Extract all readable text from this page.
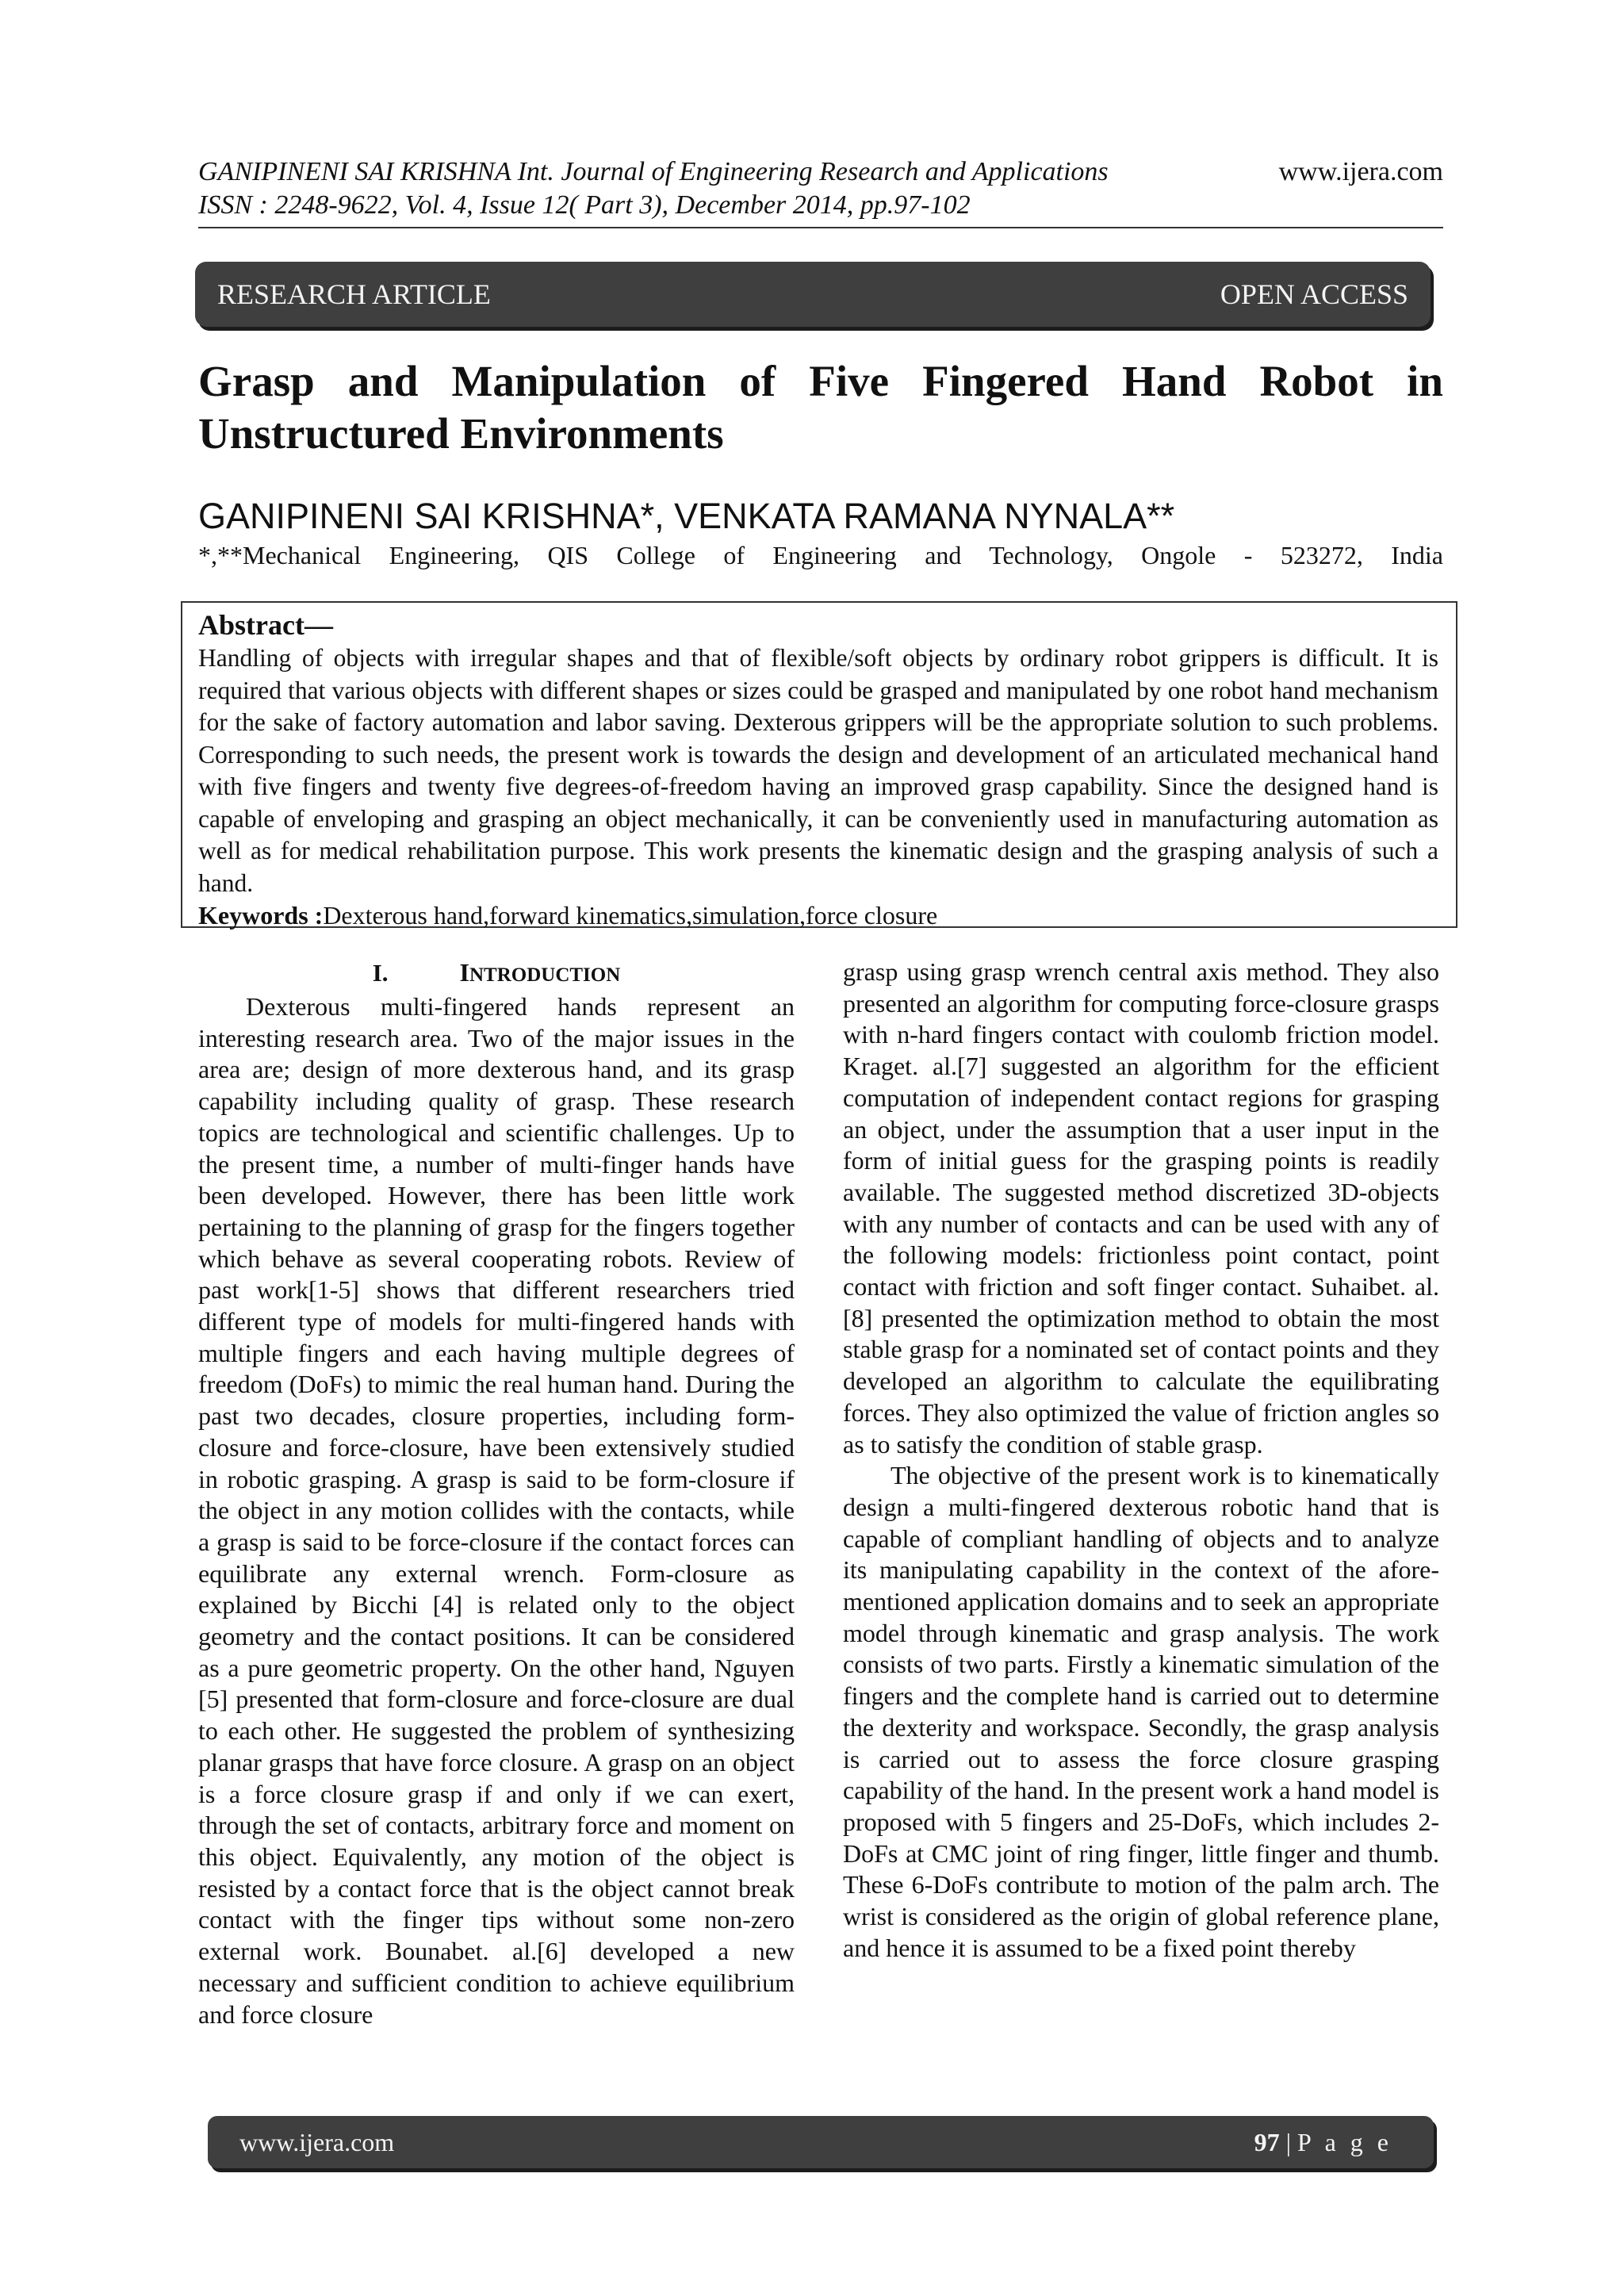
GANIPINENI SAI KRISHNA Int. Journal of Engineering Research and Applications	www.ijera.com
ISSN : 2248-9622, Vol. 4, Issue 12( Part 3), December 2014, pp.97-102
RESEARCH ARTICLE	OPEN ACCESS
Grasp and Manipulation of Five Fingered Hand Robot in Unstructured Environments
GANIPINENI SAI KRISHNA*, VENKATA RAMANA NYNALA**
*,**Mechanical Engineering, QIS College of Engineering and Technology, Ongole - 523272, India
Abstract—
Handling of objects with irregular shapes and that of flexible/soft objects by ordinary robot grippers is difficult. It is required that various objects with different shapes or sizes could be grasped and manipulated by one robot hand mechanism for the sake of factory automation and labor saving. Dexterous grippers will be the appropriate solution to such problems. Corresponding to such needs, the present work is towards the design and development of an articulated mechanical hand with five fingers and twenty five degrees-of-freedom having an improved grasp capability. Since the designed hand is capable of enveloping and grasping an object mechanically, it can be conveniently used in manufacturing automation as well as for medical rehabilitation purpose. This work presents the kinematic design and the grasping analysis of such a hand.
Keywords :Dexterous hand,forward kinematics,simulation,force closure
I.	INTRODUCTION

Dexterous multi-fingered hands represent an interesting research area. Two of the major issues in the area are; design of more dexterous hand, and its grasp capability including quality of grasp. These research topics are technological and scientific challenges. Up to the present time, a number of multi-finger hands have been developed. However, there has been little work pertaining to the planning of grasp for the fingers together which behave as several cooperating robots. Review of past work[1-5] shows that different researchers tried different type of models for multi-fingered hands with multiple fingers and each having multiple degrees of freedom (DoFs) to mimic the real human hand. During the past two decades, closure properties, including form-closure and force-closure, have been extensively studied in robotic grasping. A grasp is said to be form-closure if the object in any motion collides with the contacts, while a grasp is said to be force-closure if the contact forces can equilibrate any external wrench. Form-closure as explained by Bicchi [4] is related only to the object geometry and the contact positions. It can be considered as a pure geometric property. On the other hand, Nguyen [5] presented that form-closure and force-closure are dual to each other. He suggested the problem of synthesizing planar grasps that have force closure. A grasp on an object is a force closure grasp if and only if we can exert, through the set of contacts, arbitrary force and moment on this object. Equivalently, any motion of the object is resisted by a contact force that is the object cannot break contact with the finger tips without some non-zero external work. Bounabet. al.[6] developed a new necessary and sufficient condition to achieve equilibrium and force closure

grasp using grasp wrench central axis method. They also presented an algorithm for computing force-closure grasps with n-hard fingers contact with coulomb friction model. Kraget. al.[7] suggested an algorithm for the efficient computation of independent contact regions for grasping an object, under the assumption that a user input in the form of initial guess for the grasping points is readily available. The suggested method discretized 3D-objects with any number of contacts and can be used with any of the following models: frictionless point contact, point contact with friction and soft finger contact. Suhaibet. al.[8] presented the optimization method to obtain the most stable grasp for a nominated set of contact points and they developed an algorithm to calculate the equilibrating forces. They also optimized the value of friction angles so as to satisfy the condition of stable grasp.

The objective of the present work is to kinematically design a multi-fingered dexterous robotic hand that is capable of compliant handling of objects and to analyze its manipulating capability in the context of the afore-mentioned application domains and to seek an appropriate model through kinematic and grasp analysis. The work consists of two parts. Firstly a kinematic simulation of the fingers and the complete hand is carried out to determine the dexterity and workspace. Secondly, the grasp analysis is carried out to assess the force closure grasping capability of the hand. In the present work a hand model is proposed with 5 fingers and 25-DoFs, which includes 2-DoFs at CMC joint of ring finger, little finger and thumb. These 6-DoFs contribute to motion of the palm arch. The wrist is considered as the origin of global reference plane, and hence it is assumed to be a fixed point thereby

www.ijera.com	97 | P a g e
